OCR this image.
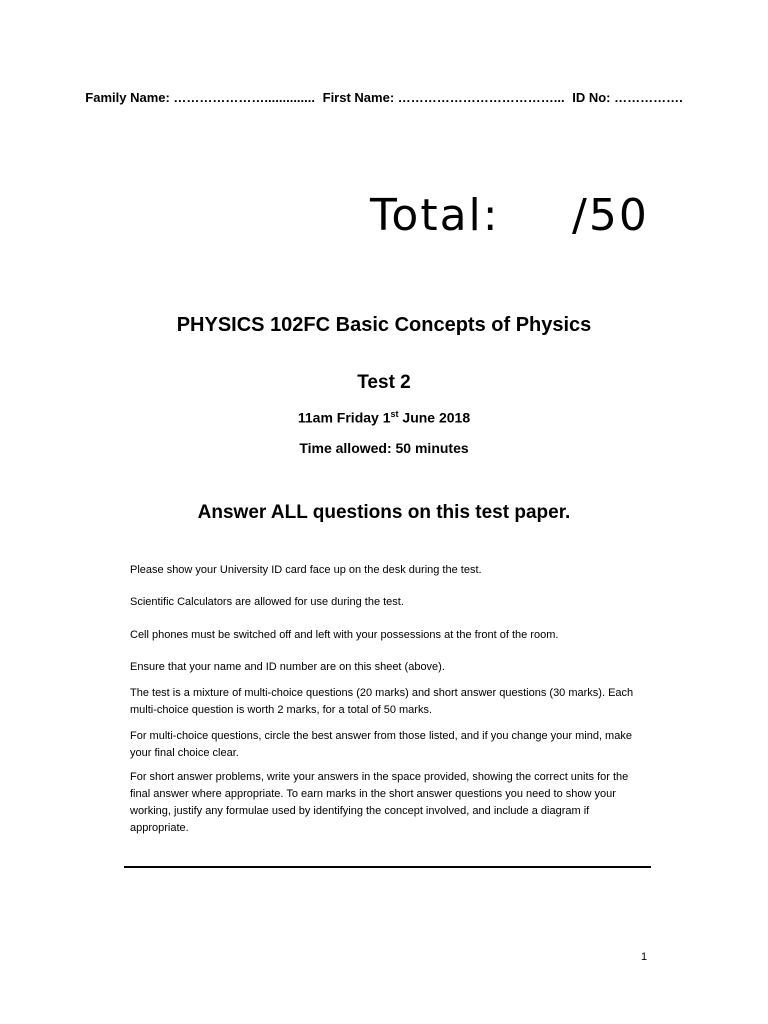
Family Name: ………………….............. First Name: ………………………………... ID No: …………….
Total: /50
PHYSICS 102FC Basic Concepts of Physics
Test 2
11am Friday 1st June 2018
Time allowed: 50 minutes
Answer ALL questions on this test paper.
Please show your University ID card face up on the desk during the test.
Scientific Calculators are allowed for use during the test.
Cell phones must be switched off and left with your possessions at the front of the room.
Ensure that your name and ID number are on this sheet (above).
The test is a mixture of multi-choice questions (20 marks) and short answer questions (30 marks). Each multi-choice question is worth 2 marks, for a total of 50 marks.
For multi-choice questions, circle the best answer from those listed, and if you change your mind, make your final choice clear.
For short answer problems, write your answers in the space provided, showing the correct units for the final answer where appropriate. To earn marks in the short answer questions you need to show your working, justify any formulae used by identifying the concept involved, and include a diagram if appropriate.
1
